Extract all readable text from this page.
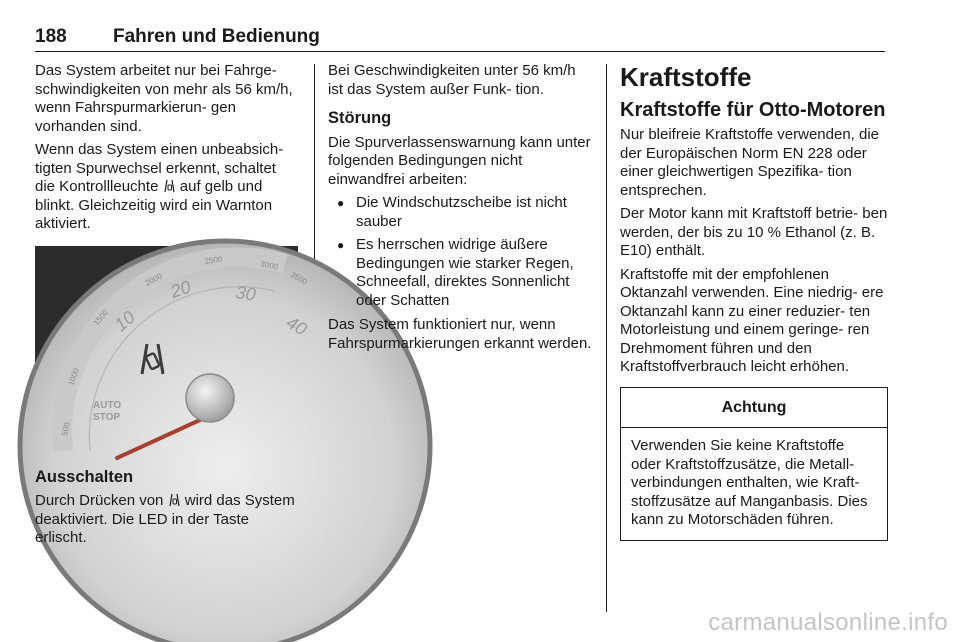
188 Fahren und Bedienung

Das System arbeitet nur bei Fahrge- schwindigkeiten von mehr als 56 km/h, wenn Fahrspurmarkierun- gen vorhanden sind.

Wenn das System einen unbeabsich- tigten Spurwechsel erkennt, schaltet die Kontrollleuchte  auf gelb und blinkt. Gleichzeitig wird ein Warnton aktiviert.

500
1000
1500
2000
2500	3000
3500
10
20 30
40
AUTO
STOP
Ausschalten

Durch Drücken von  wird das System deaktiviert. Die LED in der Taste erlischt.

Bei Geschwindigkeiten unter 56 km/h ist das System außer Funk- tion.

Störung

Die Spurverlassenswarnung kann unter folgenden Bedingungen nicht einwandfrei arbeiten:

● Die Windschutzscheibe ist nicht sauber
● Es herrschen widrige äußere Bedingungen wie starker Regen, Schneefall, direktes Sonnenlicht oder Schatten

Das System funktioniert nur, wenn Fahrspurmarkierungen erkannt werden.

Kraftstoffe
Kraftstoffe für Otto-Motoren

Nur bleifreie Kraftstoffe verwenden, die der Europäischen Norm EN 228 oder einer gleichwertigen Spezifika- tion entsprechen.

Der Motor kann mit Kraftstoff betrie- ben werden, der bis zu 10 % Ethanol (z. B. E10) enthält.

Kraftstoffe mit der empfohlenen Oktanzahl verwenden. Eine niedrig- ere Oktanzahl kann zu einer reduzier- ten Motorleistung und einem geringe- ren Drehmoment führen und den Kraftstoffverbrauch leicht erhöhen.

Achtung
Verwenden Sie keine Kraftstoffe oder Kraftstoffzusätze, die Metall- verbindungen enthalten, wie Kraft- stoffzusätze auf Manganbasis. Dies kann zu Motorschäden führen.
carmanualsonline.info
